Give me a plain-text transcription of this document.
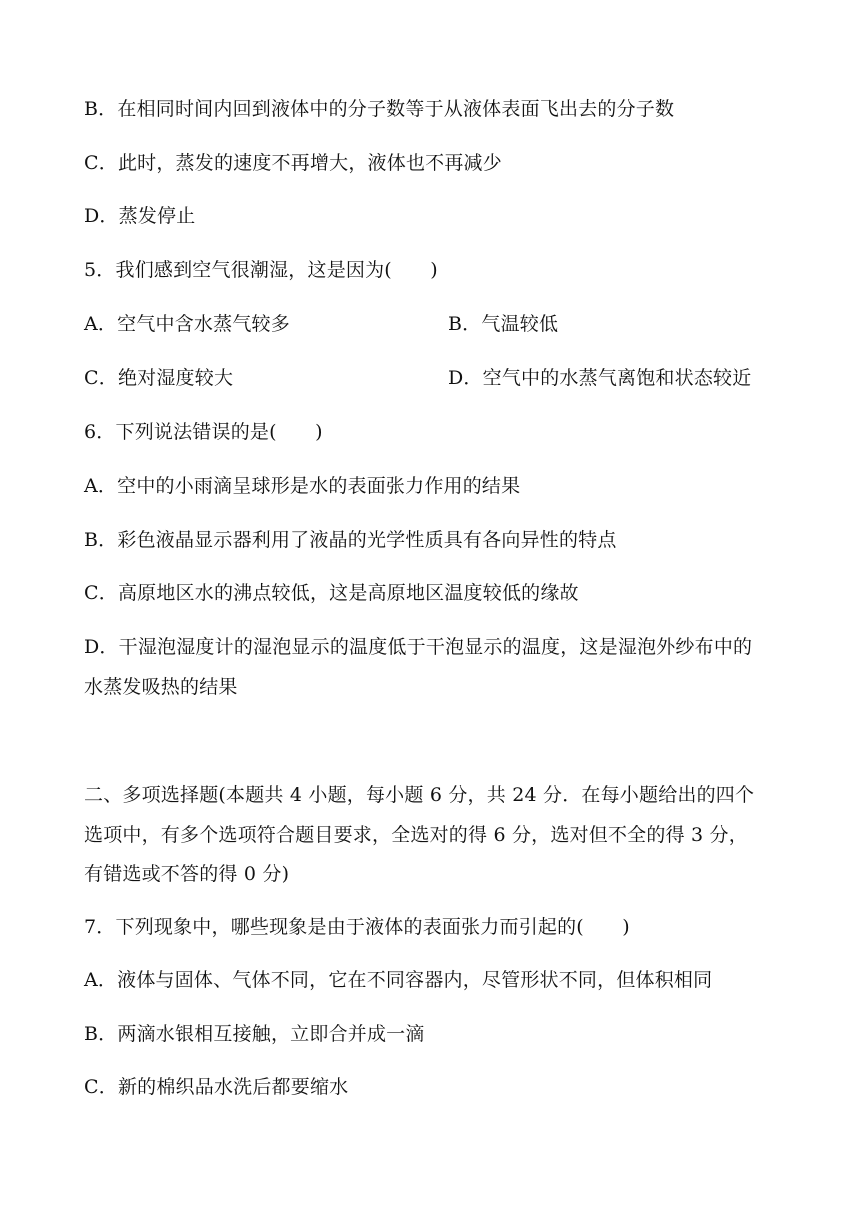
B．在相同时间内回到液体中的分子数等于从液体表面飞出去的分子数
C．此时，蒸发的速度不再增大，液体也不再减少
D．蒸发停止
5．我们感到空气很潮湿，这是因为(　　)
A．空气中含水蒸气较多	B．气温较低
C．绝对湿度较大	D．空气中的水蒸气离饱和状态较近
6．下列说法错误的是(　　)
A．空中的小雨滴呈球形是水的表面张力作用的结果
B．彩色液晶显示器利用了液晶的光学性质具有各向异性的特点
C．高原地区水的沸点较低，这是高原地区温度较低的缘故
D．干湿泡湿度计的湿泡显示的温度低于干泡显示的温度，这是湿泡外纱布中的
水蒸发吸热的结果
二、多项选择题(本题共 4 小题，每小题 6 分，共 24 分．在每小题给出的四个
选项中，有多个选项符合题目要求，全选对的得 6 分，选对但不全的得 3 分，
有错选或不答的得 0 分)
7．下列现象中，哪些现象是由于液体的表面张力而引起的(　　)
A．液体与固体、气体不同，它在不同容器内，尽管形状不同，但体积相同
B．两滴水银相互接触，立即合并成一滴
C．新的棉织品水洗后都要缩水
